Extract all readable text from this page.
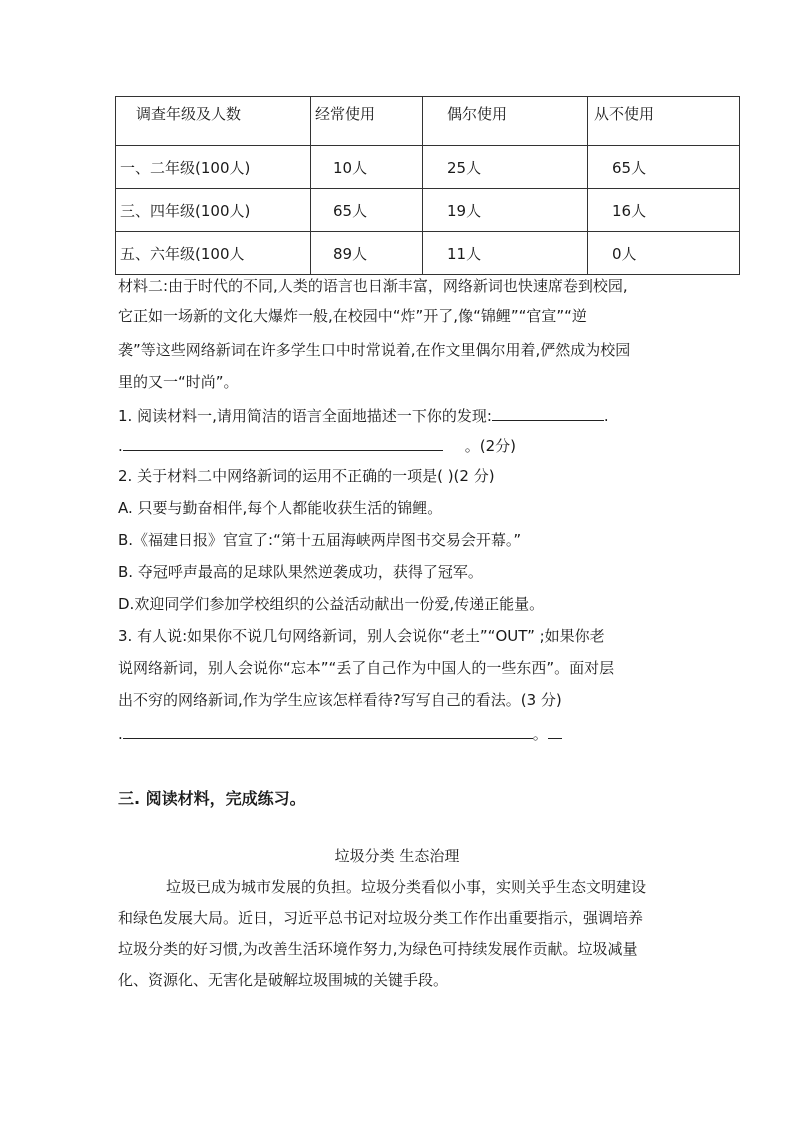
调查年级及人数	经常使用	偶尔使用	从不使用
一、二年级(100人)	10人	25人	65人
三、四年级(100人)	65人	19人	16人
五、六年级(100人	89人	11人	0人
材料二:由于时代的不同,人类的语言也日渐丰富，网络新词也快速席卷到校园,
它正如一场新的文化大爆炸一般,在校园中“炸”开了,像“锦鲤”“官宣”“逆
袭”等这些网络新词在许多学生口中时常说着,在作文里偶尔用着,俨然成为校园
里的又一“时尚”。
1. 阅读材料一,请用简洁的语言全面地描述一下你的发现:	.
.	。(2分)
2. 关于材料二中网络新词的运用不正确的一项是( )(2 分)
A. 只要与勤奋相伴,每个人都能收获生活的锦鲤。
B.《福建日报》官宣了:“第十五届海峡两岸图书交易会开幕。”
B. 夺冠呼声最高的足球队果然逆袭成功，获得了冠军。
D.欢迎同学们参加学校组织的公益活动献出一份爱,传递正能量。
3. 有人说:如果你不说几句网络新词，别人会说你“老土”“OUT” ;如果你老
说网络新词，别人会说你“忘本”“丢了自己作为中国人的一些东西”。面对层
出不穷的网络新词,作为学生应该怎样看待?写写自己的看法。(3 分)
.	。
三. 阅读材料，完成练习。
垃圾分类 生态治理
垃圾已成为城市发展的负担。垃圾分类看似小事，实则关乎生态文明建设
和绿色发展大局。近日，习近平总书记对垃圾分类工作作出重要指示，强调培养
垃圾分类的好习惯,为改善生活环境作努力,为绿色可持续发展作贡献。垃圾减量
化、资源化、无害化是破解垃圾围城的关键手段。
